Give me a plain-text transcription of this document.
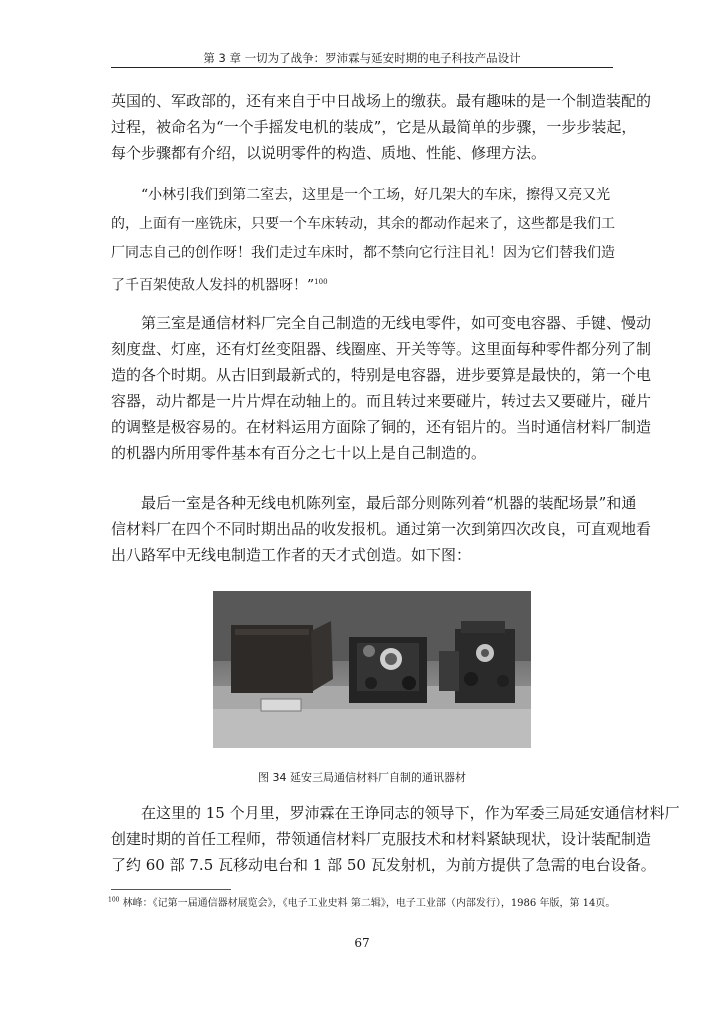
第 3 章 一切为了战争：罗沛霖与延安时期的电子科技产品设计
英国的、军政部的，还有来自于中日战场上的缴获。最有趣味的是一个制造装配的
过程，被命名为“一个手摇发电机的装成”，它是从最简单的步骤，一步步装起，
每个步骤都有介绍，以说明零件的构造、质地、性能、修理方法。
“小林引我们到第二室去，这里是一个工场，好几架大的车床，擦得又亮又光
的，上面有一座铣床，只要一个车床转动，其余的都动作起来了，这些都是我们工
厂同志自己的创作呀！我们走过车床时，都不禁向它行注目礼！因为它们替我们造
了千百架使敌人发抖的机器呀！”$^{100}$
第三室是通信材料厂完全自己制造的无线电零件，如可变电容器、手键、慢动
刻度盘、灯座，还有灯丝变阻器、线圈座、开关等等。这里面每种零件都分列了制
造的各个时期。从古旧到最新式的，特别是电容器，进步要算是最快的，第一个电
容器，动片都是一片片焊在动轴上的。而且转过来要碰片，转过去又要碰片，碰片
的调整是极容易的。在材料运用方面除了铜的，还有铝片的。当时通信材料厂制造
的机器内所用零件基本有百分之七十以上是自己制造的。
最后一室是各种无线电机陈列室，最后部分则陈列着“机器的装配场景”和通
信材料厂在四个不同时期出品的收发报机。通过第一次到第四次改良，可直观地看
出八路军中无线电制造工作者的天才式创造。如下图：
图 34 延安三局通信材料厂自制的通讯器材
在这里的 15 个月里，罗沛霖在王诤同志的领导下，作为军委三局延安通信材料厂
创建时期的首任工程师，带领通信材料厂克服技术和材料紧缺现状，设计装配制造
了约 60 部 7.5 瓦移动电台和 1 部 50 瓦发射机，为前方提供了急需的电台设备。
$^{100}$ 林峰：《记第一届通信器材展览会》，《电子工业史料 第二辑》，电子工业部（内部发行），1986 年版，第 14页。
67
